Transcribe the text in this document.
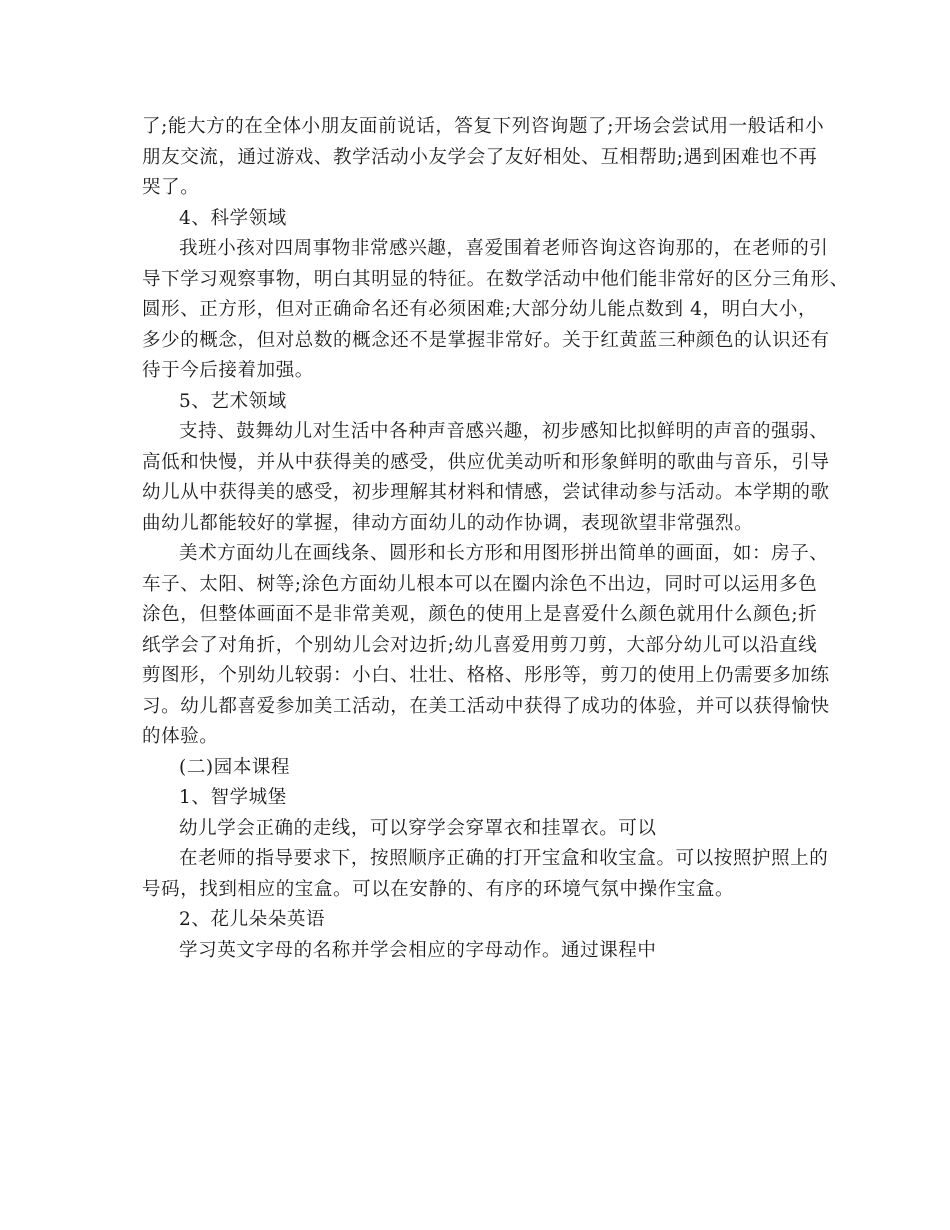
了;能大方的在全体小朋友面前说话，答复下列咨询题了;开场会尝试用一般话和小
朋友交流，通过游戏、教学活动小友学会了友好相处、互相帮助;遇到困难也不再
哭了。
4、科学领域
我班小孩对四周事物非常感兴趣，喜爱围着老师咨询这咨询那的，在老师的引
导下学习观察事物，明白其明显的特征。在数学活动中他们能非常好的区分三角形、
圆形、正方形，但对正确命名还有必须困难;大部分幼儿能点数到 4，明白大小，
多少的概念，但对总数的概念还不是掌握非常好。关于红黄蓝三种颜色的认识还有
待于今后接着加强。
5、艺术领域
支持、鼓舞幼儿对生活中各种声音感兴趣，初步感知比拟鲜明的声音的强弱、
高低和快慢，并从中获得美的感受，供应优美动听和形象鲜明的歌曲与音乐，引导
幼儿从中获得美的感受，初步理解其材料和情感，尝试律动参与活动。本学期的歌
曲幼儿都能较好的掌握，律动方面幼儿的动作协调，表现欲望非常强烈。
美术方面幼儿在画线条、圆形和长方形和用图形拼出简单的画面，如：房子、
车子、太阳、树等;涂色方面幼儿根本可以在圈内涂色不出边，同时可以运用多色
涂色，但整体画面不是非常美观，颜色的使用上是喜爱什么颜色就用什么颜色;折
纸学会了对角折，个别幼儿会对边折;幼儿喜爱用剪刀剪，大部分幼儿可以沿直线
剪图形，个别幼儿较弱：小白、壮壮、格格、彤彤等，剪刀的使用上仍需要多加练
习。幼儿都喜爱参加美工活动，在美工活动中获得了成功的体验，并可以获得愉快
的体验。
(二)园本课程
1、智学城堡
幼儿学会正确的走线，可以穿学会穿罩衣和挂罩衣。可以
在老师的指导要求下，按照顺序正确的打开宝盒和收宝盒。可以按照护照上的
号码，找到相应的宝盒。可以在安静的、有序的环境气氛中操作宝盒。
2、花儿朵朵英语
学习英文字母的名称并学会相应的字母动作。通过课程中
